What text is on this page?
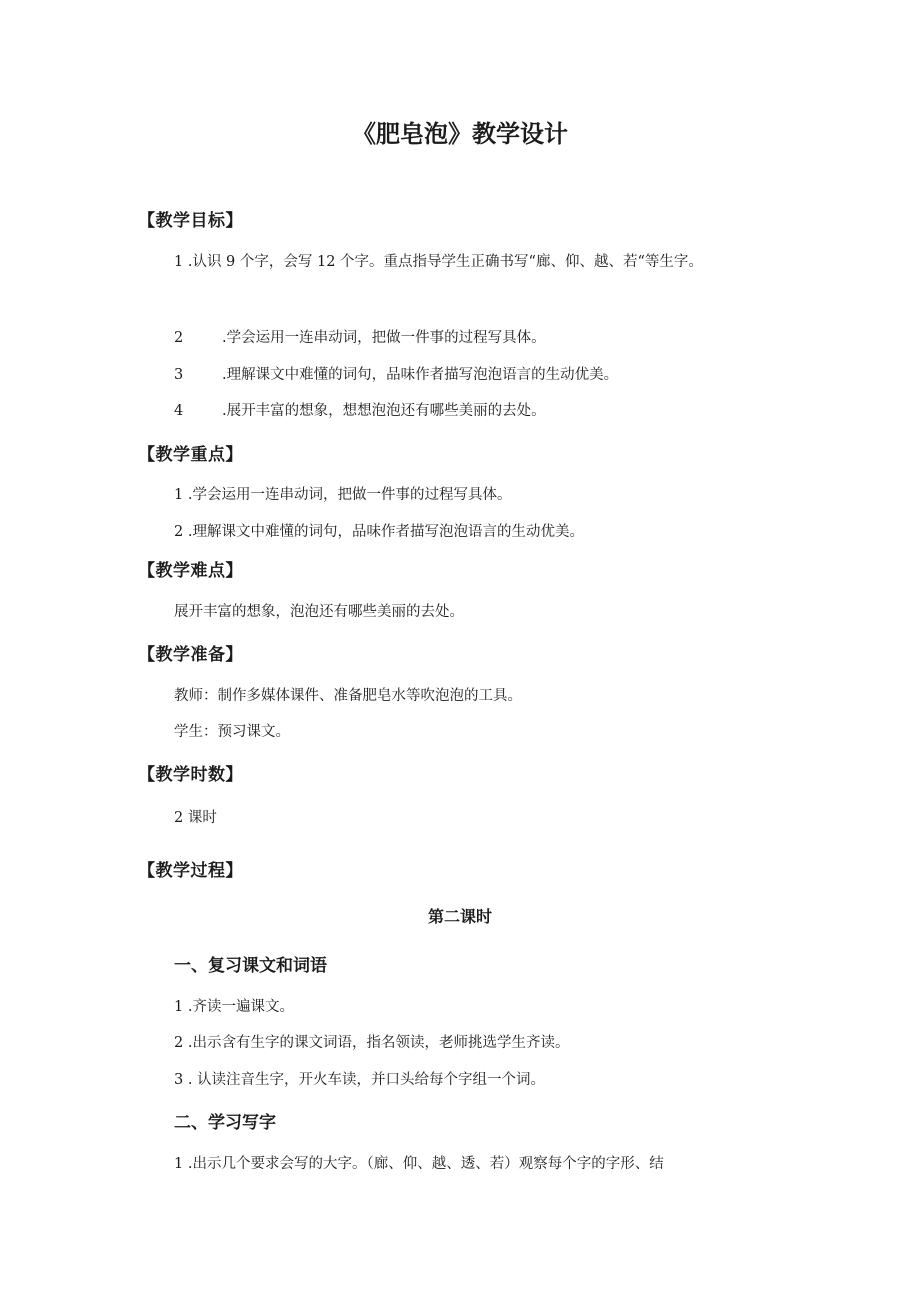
《肥皂泡》教学设计
【教学目标】
1 .认识 9 个字，会写 12 个字。重点指导学生正确书写“廊、仰、越、若“等生字。
2	.学会运用一连串动词，把做一件事的过程写具体。
3	.理解课文中难懂的词句，品味作者描写泡泡语言的生动优美。
4	.展开丰富的想象，想想泡泡还有哪些美丽的去处。
【教学重点】
1 .学会运用一连串动词，把做一件事的过程写具体。
2 .理解课文中难懂的词句，品味作者描写泡泡语言的生动优美。
【教学难点】
展开丰富的想象，泡泡还有哪些美丽的去处。
【教学准备】
教师：制作多媒体课件、准备肥皂水等吹泡泡的工具。
学生：预习课文。
【教学时数】
2 课时
【教学过程】
第二课时
一、复习课文和词语
1 .齐读一遍课文。
2 .出示含有生字的课文词语，指名领读，老师挑选学生齐读。
3 . 认读注音生字，开火车读，并口头给每个字组一个词。
二、学习写字
1 .出示几个要求会写的大字。（廊、仰、越、透、若）观察每个字的字形、结
